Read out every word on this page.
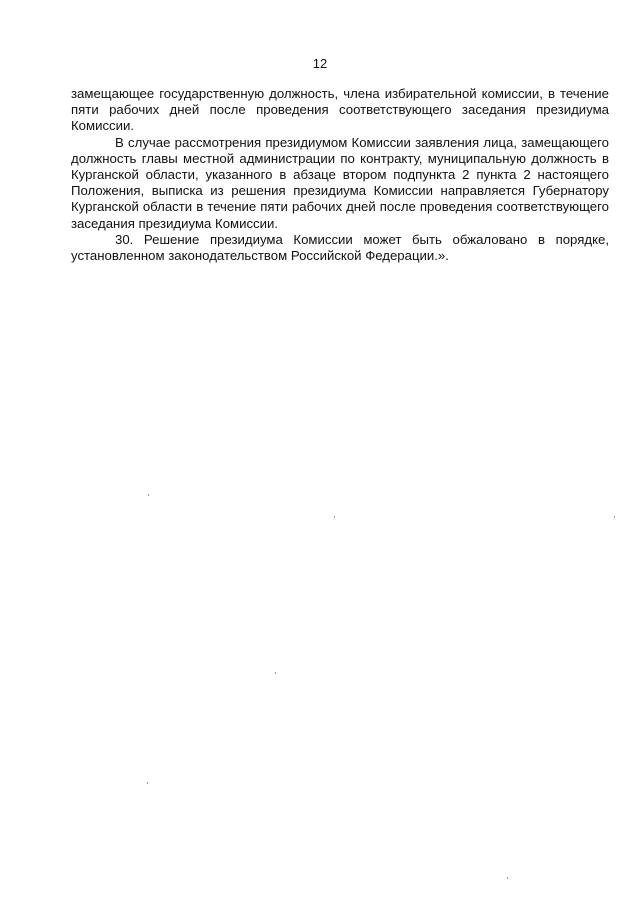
12

замещающее государственную должность, члена избирательной комиссии, в течение пяти рабочих дней после проведения соответствующего заседания президиума Комиссии.

В случае рассмотрения президиумом Комиссии заявления лица, замещающего должность главы местной администрации по контракту, муниципальную должность в Курганской области, указанного в абзаце втором подпункта 2 пункта 2 настоящего Положения, выписка из решения президиума Комиссии направляется Губернатору Курганской области в течение пяти рабочих дней после проведения соответствующего заседания президиума Комиссии.

30. Решение президиума Комиссии может быть обжаловано в порядке, установленном законодательством Российской Федерации.».
